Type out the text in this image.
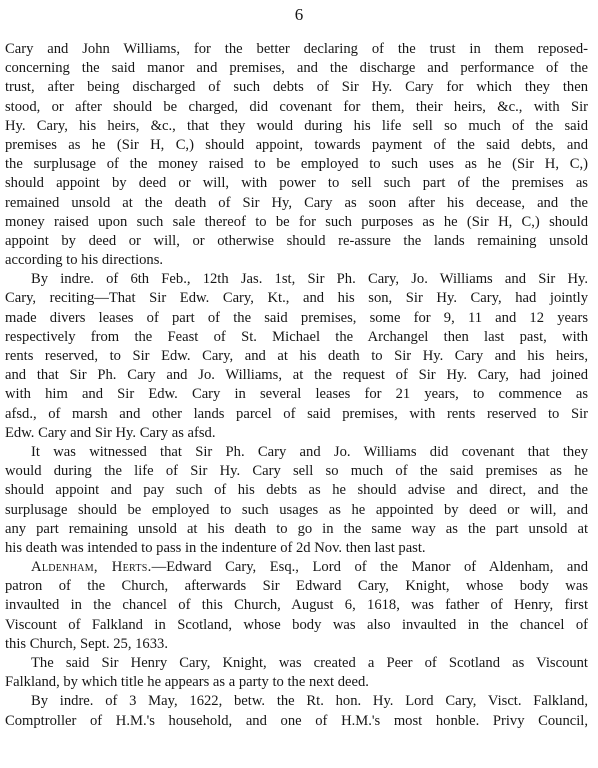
6
Cary and John Williams, for the better declaring of the trust in them reposed-
concerning the said manor and premises, and the discharge and performance of the
trust, after being discharged of such debts of Sir Hy. Cary for which they then
stood, or after should be charged, did covenant for them, their heirs, &c., with Sir
Hy. Cary, his heirs, &c., that they would during his life sell so much of the said
premises as he (Sir H, C,) should appoint, towards payment of the said debts, and
the surplusage of the money raised to be employed to such uses as he (Sir H, C,)
should appoint by deed or will, with power to sell such part of the premises as
remained unsold at the death of Sir Hy, Cary as soon after his decease, and the
money raised upon such sale thereof to be for such purposes as he (Sir H, C,) should
appoint by deed or will, or otherwise should re-assure the lands remaining unsold
according to his directions.
By indre. of 6th Feb., 12th Jas. 1st, Sir Ph. Cary, Jo. Williams and Sir Hy.
Cary, reciting—That Sir Edw. Cary, Kt., and his son, Sir Hy. Cary, had jointly
made divers leases of part of the said premises, some for 9, 11 and 12 years
respectively from the Feast of St. Michael the Archangel then last past, with
rents reserved, to Sir Edw. Cary, and at his death to Sir Hy. Cary and his heirs,
and that Sir Ph. Cary and Jo. Williams, at the request of Sir Hy. Cary, had joined
with him and Sir Edw. Cary in several leases for 21 years, to commence as
afsd., of marsh and other lands parcel of said premises, with rents reserved to Sir
Edw. Cary and Sir Hy. Cary as afsd.
It was witnessed that Sir Ph. Cary and Jo. Williams did covenant that they
would during the life of Sir Hy. Cary sell so much of the said premises as he
should appoint and pay such of his debts as he should advise and direct, and the
surplusage should be employed to such usages as he appointed by deed or will, and
any part remaining unsold at his death to go in the same way as the part unsold at
his death was intended to pass in the indenture of 2d Nov. then last past.
Aldenham, Herts.—Edward Cary, Esq., Lord of the Manor of Aldenham, and
patron of the Church, afterwards Sir Edward Cary, Knight, whose body was
invaulted in the chancel of this Church, August 6, 1618, was father of Henry, first
Viscount of Falkland in Scotland, whose body was also invaulted in the chancel of
this Church, Sept. 25, 1633.
The said Sir Henry Cary, Knight, was created a Peer of Scotland as Viscount
Falkland, by which title he appears as a party to the next deed.
By indre. of 3 May, 1622, betw. the Rt. hon. Hy. Lord Cary, Visct. Falkland,
Comptroller of H.M.'s household, and one of H.M.'s most honble. Privy Council,
